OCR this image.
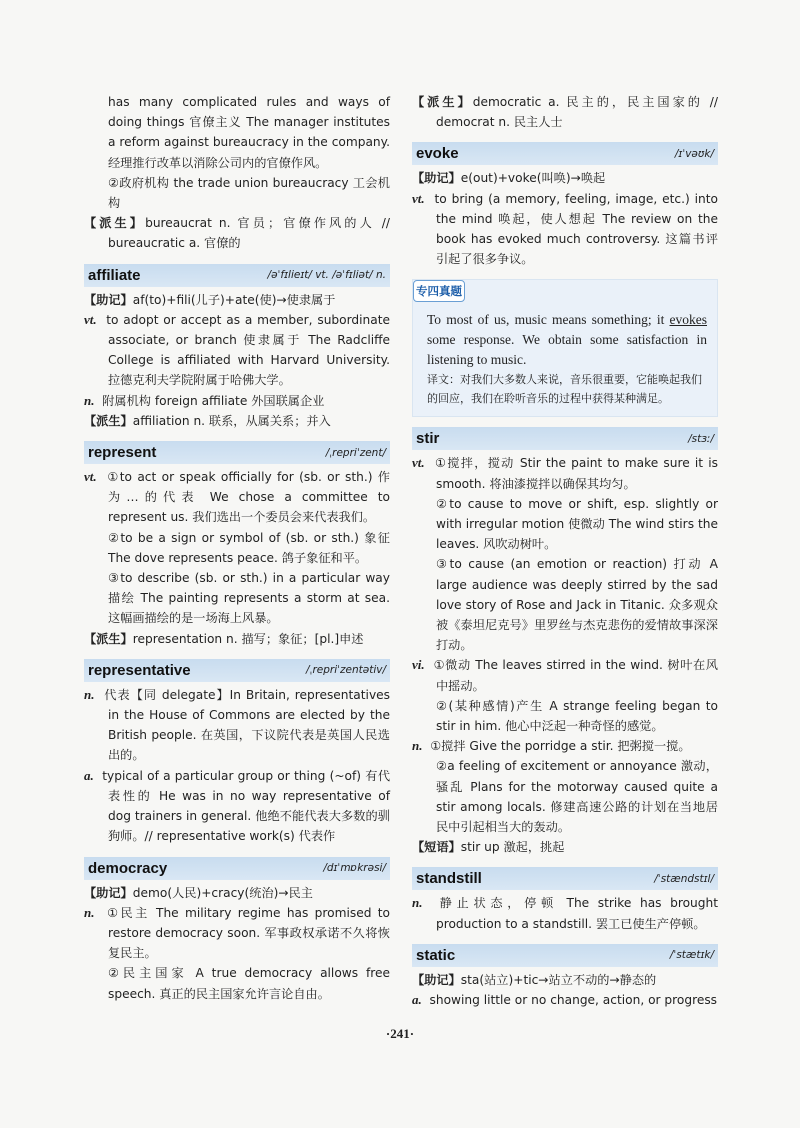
has many complicated rules and ways of doing things 官僚主义 The manager institutes a reform against bureaucracy in the company. 经理推行改革以消除公司内的官僚作风。
②政府机构 the trade union bureaucracy 工会机构
【派生】bureaucrat n. 官员；官僚作风的人 // bureaucratic a. 官僚的
affiliate	/əˈfɪlieɪt/ vt. /əˈfɪliət/ n.
【助记】af(to)+fili(儿子)+ate(使)→使隶属于
vt. to adopt or accept as a member, subordinate associate, or branch 使隶属于 The Radcliffe College is affiliated with Harvard University. 拉德克利夫学院附属于哈佛大学。
n. 附属机构 foreign affiliate 外国联属企业
【派生】affiliation n. 联系，从属关系；并入
represent	/ˌrepriˈzent/
vt. ①to act or speak officially for (sb. or sth.) 作为…的代表 We chose a committee to represent us. 我们选出一个委员会来代表我们。
②to be a sign or symbol of (sb. or sth.) 象征 The dove represents peace. 鸽子象征和平。
③to describe (sb. or sth.) in a particular way 描绘 The painting represents a storm at sea. 这幅画描绘的是一场海上风暴。
【派生】representation n. 描写；象征；[pl.]申述
representative	/ˌrepriˈzentətiv/
n. 代表【同 delegate】In Britain, representatives in the House of Commons are elected by the British people. 在英国，下议院代表是英国人民选出的。
a. typical of a particular group or thing (~of) 有代表性的 He was in no way representative of dog trainers in general. 他绝不能代表大多数的驯狗师。// representative work(s) 代表作
democracy	/dɪˈmɒkrəsi/
【助记】demo(人民)+cracy(统治)→民主
n. ①民主 The military regime has promised to restore democracy soon. 军事政权承诺不久将恢复民主。
②民主国家 A true democracy allows free speech. 真正的民主国家允许言论自由。
【派生】democratic a. 民主的，民主国家的 // democrat n. 民主人士
evoke	/ɪˈvəʊk/
【助记】e(out)+voke(叫唤)→唤起
vt. to bring (a memory, feeling, image, etc.) into the mind 唤起，使人想起 The review on the book has evoked much controversy. 这篇书评引起了很多争议。
专四真题
To most of us, music means something; it evokes some response. We obtain some satisfaction in listening to music.
译文：对我们大多数人来说，音乐很重要，它能唤起我们的回应，我们在聆听音乐的过程中获得某种满足。
stir	/stɜː/
vt. ①搅拌，搅动 Stir the paint to make sure it is smooth. 将油漆搅拌以确保其均匀。
②to cause to move or shift, esp. slightly or with irregular motion 使微动 The wind stirs the leaves. 风吹动树叶。
③to cause (an emotion or reaction) 打动 A large audience was deeply stirred by the sad love story of Rose and Jack in Titanic. 众多观众被《泰坦尼克号》里罗丝与杰克悲伤的爱情故事深深打动。
vi. ①微动 The leaves stirred in the wind. 树叶在风中摇动。
②(某种感情)产生 A strange feeling began to stir in him. 他心中泛起一种奇怪的感觉。
n. ①搅拌 Give the porridge a stir. 把粥搅一搅。
②a feeling of excitement or annoyance 激动，骚乱 Plans for the motorway caused quite a stir among locals. 修建高速公路的计划在当地居民中引起相当大的轰动。
【短语】stir up 激起，挑起
standstill	/ˈstændstɪl/
n. 静止状态，停顿 The strike has brought production to a standstill. 罢工已使生产停顿。
static	/ˈstætɪk/
【助记】sta(站立)+tic→站立不动的→静态的
a. showing little or no change, action, or progress
·241·
